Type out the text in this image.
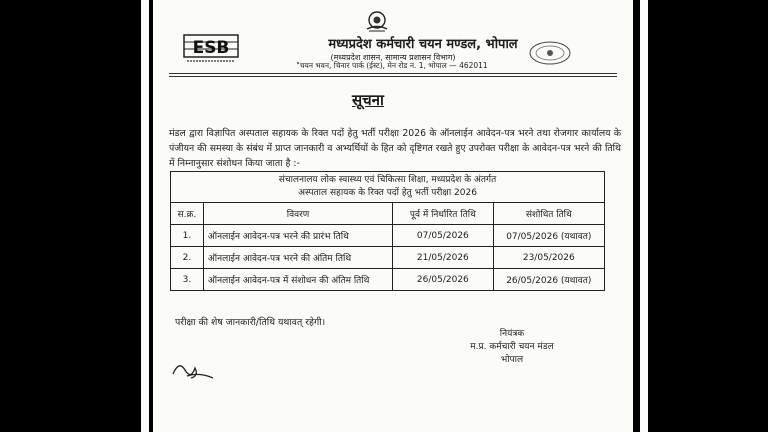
ESB	मध्यप्रदेश कर्मचारी चयन मण्डल, भोपाल
(मध्यप्रदेश शासन, सामान्य प्रशासन विभाग)
"चयन भवन, चिनार पार्क (ईस्ट), मेन रोड न. 1, भोपाल — 462011
सूचना
मंडल द्वारा विज्ञापित अस्पताल सहायक के रिक्त पदों हेतु भर्ती परीक्षा 2026 के ऑनलाईन आवेदन-पत्र भरने तथा रोजगार कार्यालय के पंजीयन की समस्या के संबंध में प्राप्त जानकारी व अभ्यर्थियों के हित को दृष्टिगत रखते हुए उपरोक्त परीक्षा के आवेदन-पत्र भरने की तिथि में निम्नानुसार संशोधन किया जाता है :-
संचालनालय लोक स्वास्थ्य एवं चिकित्सा शिक्षा, मध्यप्रदेश के अंतर्गत
अस्पताल सहायक के रिक्त पदों हेतु भर्ती परीक्षा 2026			

स.क्र.	विवरण	पूर्व में निर्धारित तिथि	संशोधित तिथि
1.	ऑनलाईन आवेदन-पत्र भरने की प्रारंभ तिथि	07/05/2026	07/05/2026 (यथावत)
2.	ऑनलाईन आवेदन-पत्र भरने की अंतिम तिथि	21/05/2026	23/05/2026
3.	ऑनलाईन आवेदन-पत्र में संशोधन की अंतिम तिथि	26/05/2026	26/05/2026 (यथावत)
परीक्षा की शेष जानकारी/तिथि यथावत् रहेगी।
नियंत्रक
म.प्र. कर्मचारी चयन मंडल
भोपाल
